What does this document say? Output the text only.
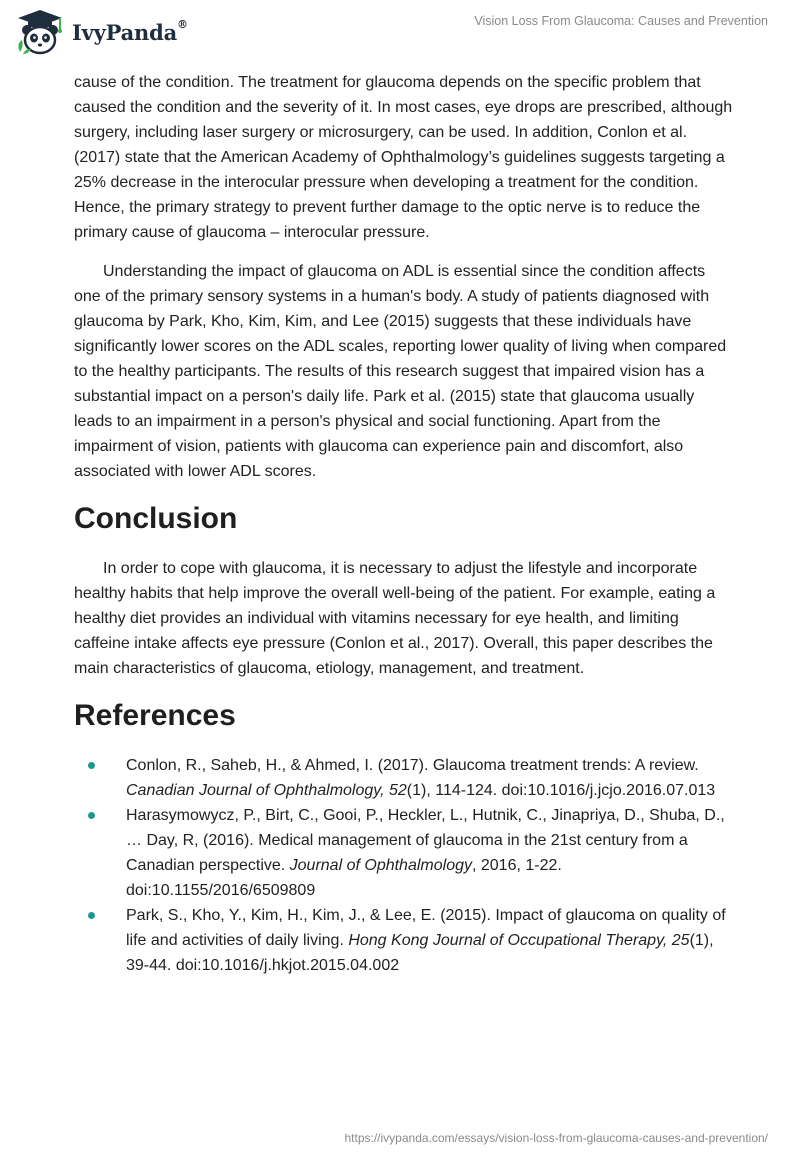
IvyPanda®	Vision Loss From Glaucoma: Causes and Prevention

cause of the condition. The treatment for glaucoma depends on the specific problem that caused the condition and the severity of it. In most cases, eye drops are prescribed, although surgery, including laser surgery or microsurgery, can be used. In addition, Conlon et al. (2017) state that the American Academy of Ophthalmology’s guidelines suggests targeting a 25% decrease in the interocular pressure when developing a treatment for the condition. Hence, the primary strategy to prevent further damage to the optic nerve is to reduce the primary cause of glaucoma – interocular pressure.

Understanding the impact of glaucoma on ADL is essential since the condition affects one of the primary sensory systems in a human's body. A study of patients diagnosed with glaucoma by Park, Kho, Kim, Kim, and Lee (2015) suggests that these individuals have significantly lower scores on the ADL scales, reporting lower quality of living when compared to the healthy participants. The results of this research suggest that impaired vision has a substantial impact on a person's daily life. Park et al. (2015) state that glaucoma usually leads to an impairment in a person's physical and social functioning. Apart from the impairment of vision, patients with glaucoma can experience pain and discomfort, also associated with lower ADL scores.

Conclusion

In order to cope with glaucoma, it is necessary to adjust the lifestyle and incorporate healthy habits that help improve the overall well-being of the patient. For example, eating a healthy diet provides an individual with vitamins necessary for eye health, and limiting caffeine intake affects eye pressure (Conlon et al., 2017). Overall, this paper describes the main characteristics of glaucoma, etiology, management, and treatment.

References
Conlon, R., Saheb, H., & Ahmed, I. (2017). Glaucoma treatment trends: A review. Canadian Journal of Ophthalmology, 52(1), 114-124. doi:10.1016/j.jcjo.2016.07.013
Harasymowycz, P., Birt, C., Gooi, P., Heckler, L., Hutnik, C., Jinapriya, D., Shuba, D., … Day, R, (2016). Medical management of glaucoma in the 21st century from a Canadian perspective. Journal of Ophthalmology, 2016, 1-22. doi:10.1155/2016/6509809
Park, S., Kho, Y., Kim, H., Kim, J., & Lee, E. (2015). Impact of glaucoma on quality of life and activities of daily living. Hong Kong Journal of Occupational Therapy, 25(1), 39-44. doi:10.1016/j.hkjot.2015.04.002
https://ivypanda.com/essays/vision-loss-from-glaucoma-causes-and-prevention/
